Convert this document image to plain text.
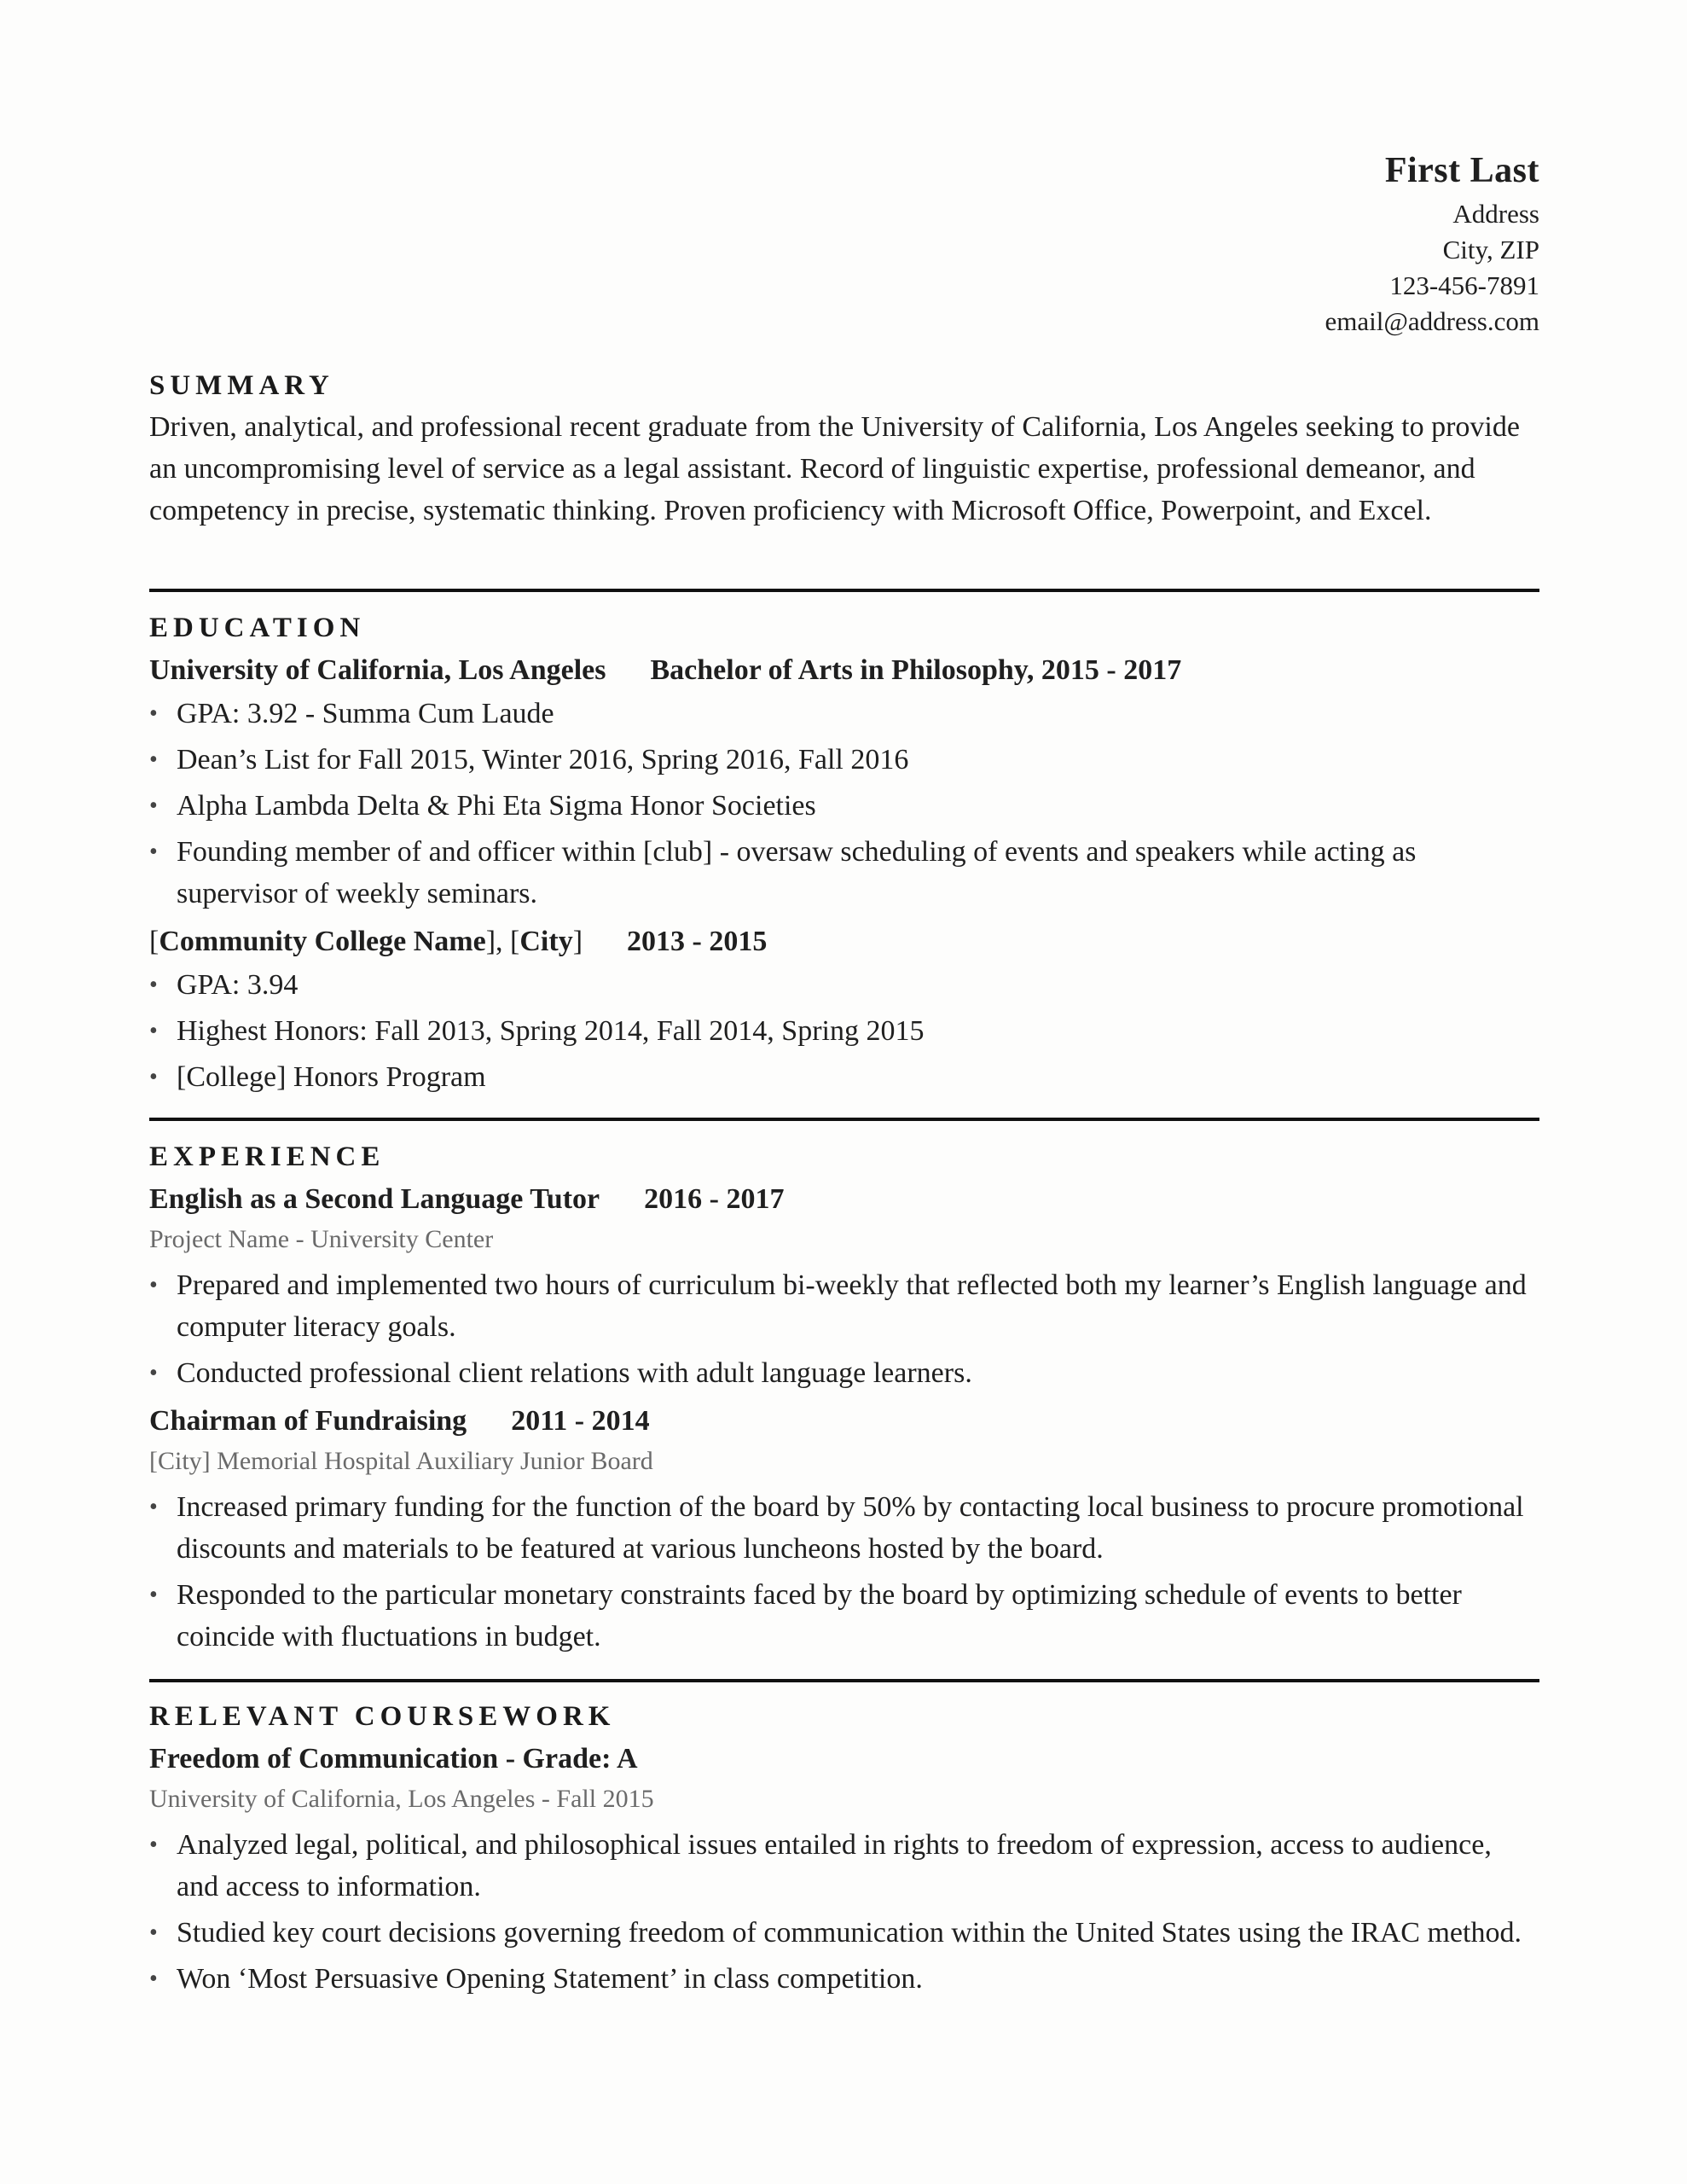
First Last
Address
City, ZIP
123-456-7891
email@address.com
SUMMARY

Driven, analytical, and professional recent graduate from the University of California, Los Angeles seeking to provide an uncompromising level of service as a legal assistant. Record of linguistic expertise, professional demeanor, and competency in precise, systematic thinking. Proven proficiency with Microsoft Office, Powerpoint, and Excel.

EDUCATION
University of California, Los Angeles Bachelor of Arts in Philosophy, 2015 - 2017
• GPA: 3.92 - Summa Cum Laude
• Dean’s List for Fall 2015, Winter 2016, Spring 2016, Fall 2016
• Alpha Lambda Delta & Phi Eta Sigma Honor Societies
• Founding member of and officer within [club] - oversaw scheduling of events and speakers while acting as supervisor of weekly seminars.
[Community College Name], [City] 2013 - 2015
• GPA: 3.94
• Highest Honors: Fall 2013, Spring 2014, Fall 2014, Spring 2015
• [College] Honors Program
EXPERIENCE
English as a Second Language Tutor 2016 - 2017
Project Name - University Center
• Prepared and implemented two hours of curriculum bi-weekly that reflected both my learner’s English language and computer literacy goals.
• Conducted professional client relations with adult language learners.
Chairman of Fundraising 2011 - 2014
[City] Memorial Hospital Auxiliary Junior Board
• Increased primary funding for the function of the board by 50% by contacting local business to procure promotional discounts and materials to be featured at various luncheons hosted by the board.
• Responded to the particular monetary constraints faced by the board by optimizing schedule of events to better coincide with fluctuations in budget.
RELEVANT COURSEWORK
Freedom of Communication - Grade: A
University of California, Los Angeles - Fall 2015
• Analyzed legal, political, and philosophical issues entailed in rights to freedom of expression, access to audience, and access to information.
• Studied key court decisions governing freedom of communication within the United States using the IRAC method.
• Won ‘Most Persuasive Opening Statement’ in class competition.
